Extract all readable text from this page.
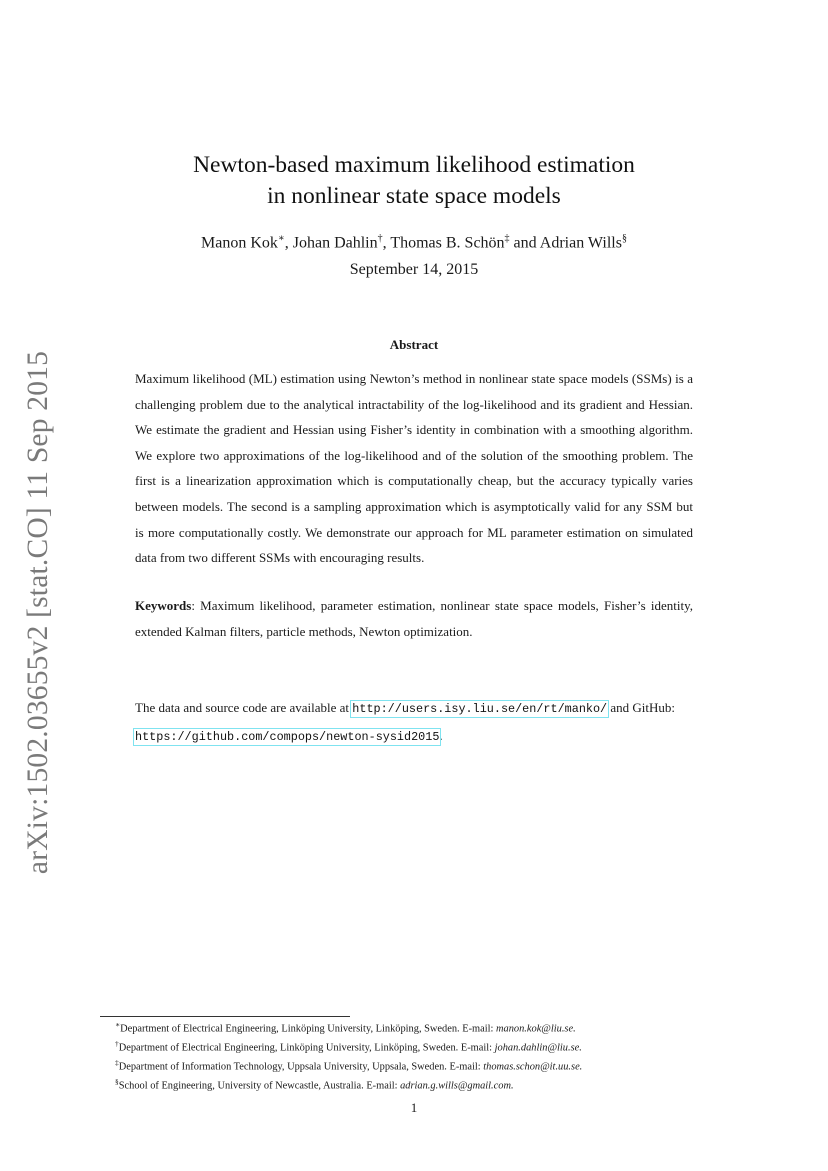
arXiv:1502.03655v2 [stat.CO] 11 Sep 2015
Newton-based maximum likelihood estimation
in nonlinear state space models
Manon Kok∗, Johan Dahlin†, Thomas B. Schön‡ and Adrian Wills§
September 14, 2015
Abstract

Maximum likelihood (ML) estimation using Newton’s method in nonlinear state space models (SSMs) is a challenging problem due to the analytical intractability of the log-likelihood and its gradient and Hessian. We estimate the gradient and Hessian using Fisher’s identity in combination with a smoothing algorithm. We explore two approximations of the log-likelihood and of the solution of the smoothing problem. The first is a linearization approximation which is computationally cheap, but the accuracy typically varies between models. The second is a sampling approximation which is asymptotically valid for any SSM but is more computationally costly. We demonstrate our approach for ML parameter estimation on simulated data from two different SSMs with encouraging results.

Keywords: Maximum likelihood, parameter estimation, nonlinear state space models, Fisher’s identity, extended Kalman filters, particle methods, Newton optimization.

The data and source code are available at http://users.isy.liu.se/en/rt/manko/ and GitHub: https://github.com/compops/newton-sysid2015.

∗Department of Electrical Engineering, Linköping University, Linköping, Sweden. E-mail: manon.kok@liu.se.
†Department of Electrical Engineering, Linköping University, Linköping, Sweden. E-mail: johan.dahlin@liu.se.
‡Department of Information Technology, Uppsala University, Uppsala, Sweden. E-mail: thomas.schon@it.uu.se.
§School of Engineering, University of Newcastle, Australia. E-mail: adrian.g.wills@gmail.com.
1
